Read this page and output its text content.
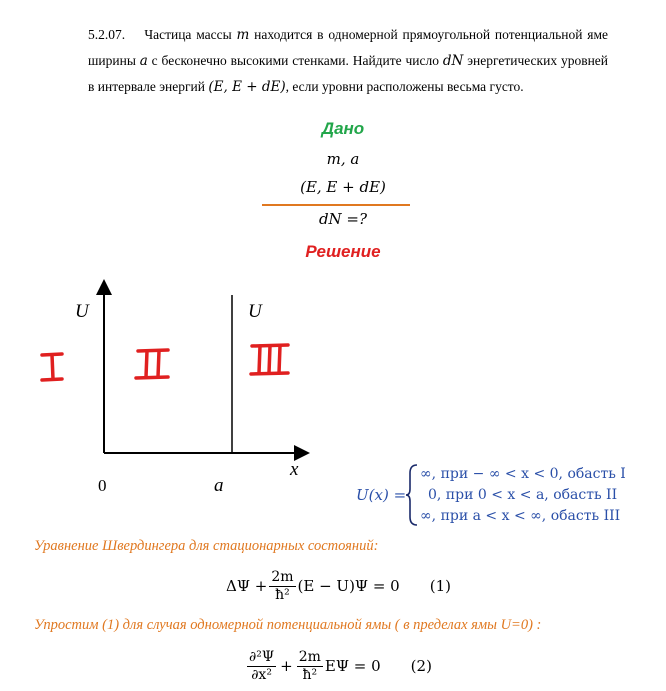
5.2.07. Частица массы m находится в одномерной прямоугольной потенциальной яме ширины a с бесконечно высокими стенками. Найдите число dN энергетических уровней в интервале энергий (E, E + dE), если уровни расположены весьма густо.
Дано
m, a
(E, E + dE)
dN =?
Решение
U	U
x
0	a	U(x) =
∞, при − ∞ < x < 0, обасть I
0, при 0 < x < a, обасть II
∞, при a < x < ∞, обасть III
Уравнение Швердингера для стационарных состояний:
$\Delta\Psi + \frac{2m}{\text{ħ²}} (E - U)\Psi = 0$ (1)
Упростим (1) для случая одномерной потенциальной ямы ( в пределах ямы U=0) :
$\frac{\text{∂²Ψ}}{\text{∂x²}} + \frac{2m}{\text{ħ²}}$ EΨ = 0 (2)
